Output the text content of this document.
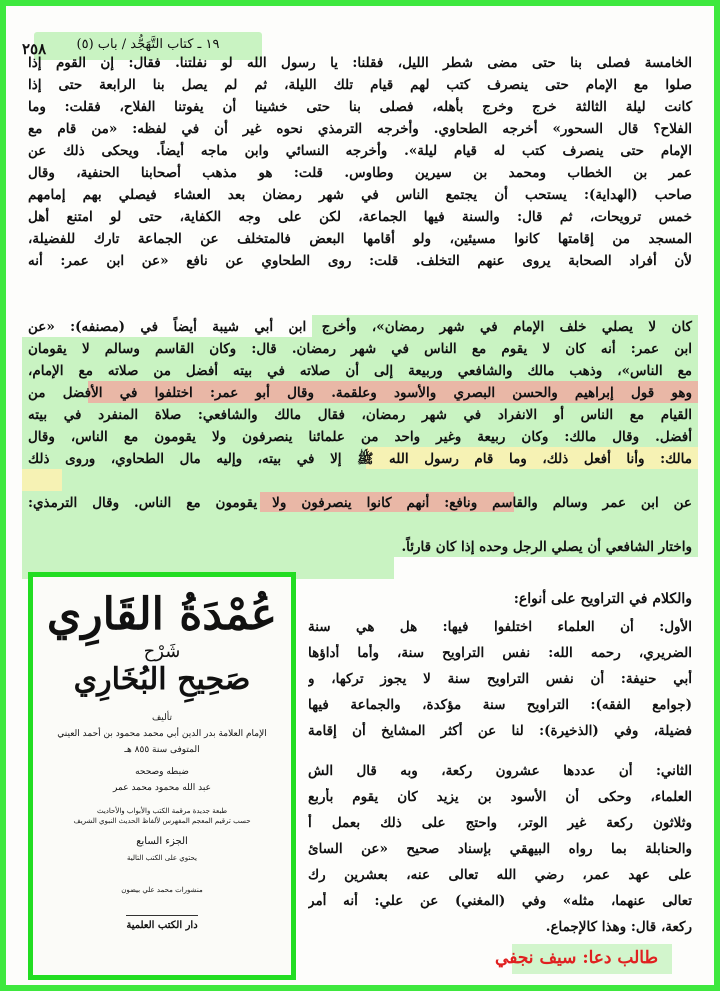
١٩ ـ كتاب التَّهَجُّد / باب (٥)
٢٥٨
الخامسة فصلى بنا حتى مضى شطر الليل، فقلنا: يا رسول الله لو نفلتنا. فقال: إن القوم إذا
صلوا مع الإمام حتى ينصرف كتب لهم قيام تلك الليلة، ثم لم يصل بنا الرابعة حتى إذا
كانت ليلة الثالثة خرج وخرج بأهله، فصلى بنا حتى خشينا أن يفوتنا الفلاح، فقلت: وما
الفلاح؟ قال السحور» أخرجه الطحاوي. وأخرجه الترمذي نحوه غير أن في لفظه: «من قام مع
الإمام حتى ينصرف كتب له قيام ليلة». وأخرجه النسائي وابن ماجه أيضاً. ويحكى ذلك عن
عمر بن الخطاب ومحمد بن سيرين وطاوس. قلت: هو مذهب أصحابنا الحنفية، وقال
صاحب (الهداية): يستحب أن يجتمع الناس في شهر رمضان بعد العشاء فيصلي بهم إمامهم
خمس ترويحات، ثم قال: والسنة فيها الجماعة، لكن على وجه الكفاية، حتى لو امتنع أهل
المسجد من إقامتها كانوا مسيئين، ولو أقامها البعض فالمتخلف عن الجماعة تارك للفضيلة،
لأن أفراد الصحابة يروى عنهم التخلف. قلت: روى الطحاوي عن نافع «عن ابن عمر: أنه
كان لا يصلي خلف الإمام في شهر رمضان»، وأخرج ابن أبي شيبة أيضاً في (مصنفه): «عن
ابن عمر: أنه كان لا يقوم مع الناس في شهر رمضان. قال: وكان القاسم وسالم لا يقومان
مع الناس»، وذهب مالك والشافعي وربيعة إلى أن صلاته في بيته أفضل من صلاته مع الإمام،
وهو قول إبراهيم والحسن البصري والأسود وعلقمة. وقال أبو عمر: اختلفوا في الأفضل من
القيام مع الناس أو الانفراد في شهر رمضان، فقال مالك والشافعي: صلاة المنفرد في بيته
أفضل. وقال مالك: وكان ربيعة وغير واحد من علمائنا ينصرفون ولا يقومون مع الناس، وقال
مالك: وأنا أفعل ذلك، وما قام رسول الله ﷺ إلا في بيته، وإليه مال الطحاوي، وروى ذلك
عن ابن عمر وسالم والقاسم ونافع: أنهم كانوا ينصرفون ولا يقومون مع الناس. وقال الترمذي:
واختار الشافعي أن يصلي الرجل وحده إذا كان قارئاً.
والكلام في التراويح على أنواع:
الأول: أن العلماء اختلفوا فيها: هل هي سنة
الضريري، رحمه الله: نفس التراويح سنة، وأما أداؤها
أبي حنيفة: أن نفس التراويح سنة لا يجوز تركها، و
(جوامع الفقه): التراويح سنة مؤكدة، والجماعة فيها
فضيلة، وفي (الذخيرة): لنا عن أكثر المشايخ أن إقامة
الثاني: أن عددها عشرون ركعة، وبه قال الش
العلماء، وحكى أن الأسود بن يزيد كان يقوم بأربع
وثلاثون ركعة غير الوتر، واحتج على ذلك بعمل أ
والحنابلة بما رواه البيهقي بإسناد صحيح «عن السائ
على عهد عمر، رضي الله تعالى عنه، بعشرين رك
تعالى عنهما، مثله» وفي (المغني) عن علي: أنه أمر
ركعة، قال: وهذا كالإجماع.
طالب دعا: سيف نجفي
عُمْدَةُ القَارِي
شَرْح
صَحِيحِ البُخَارِي
تأليف
الإمام العلامة بدر الدين أبي محمد محمود بن أحمد العيني
المتوفى سنة ٨٥٥ هـ
ضبطه وصححه
عبد الله محمود محمد عمر
طبعة جديدة مرقمة الكتب والأبواب والأحاديث
حسب ترقيم المعجم المفهرس لألفاظ الحديث النبوي الشريف
الجزء السابع
يحتوي على الكتب التالية
منشورات محمد علي بيضون
دار الكتب العلمية
